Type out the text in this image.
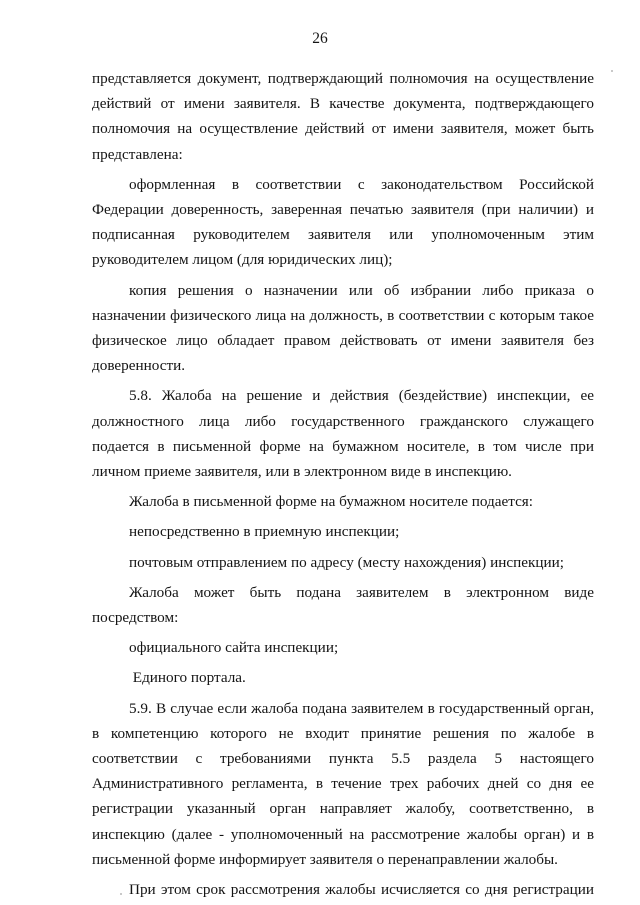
26

представляется документ, подтверждающий полномочия на осуществление действий от имени заявителя. В качестве документа, подтверждающего полномочия на осуществление действий от имени заявителя, может быть представлена:

оформленная в соответствии с законодательством Российской Федерации доверенность, заверенная печатью заявителя (при наличии) и подписанная руководителем заявителя или уполномоченным этим руководителем лицом (для юридических лиц);

копия решения о назначении или об избрании либо приказа о назначении физического лица на должность, в соответствии с которым такое физическое лицо обладает правом действовать от имени заявителя без доверенности.

5.8. Жалоба на решение и действия (бездействие) инспекции, ее должностного лица либо государственного гражданского служащего подается в письменной форме на бумажном носителе, в том числе при личном приеме заявителя, или в электронном виде в инспекцию.

Жалоба в письменной форме на бумажном носителе подается:

непосредственно в приемную инспекции;

почтовым отправлением по адресу (месту нахождения) инспекции;

Жалоба может быть подана заявителем в электронном виде посредством:

официального сайта инспекции;

Единого портала.

5.9. В случае если жалоба подана заявителем в государственный орган, в компетенцию которого не входит принятие решения по жалобе в соответствии с требованиями пункта 5.5 раздела 5 настоящего Административного регламента, в течение трех рабочих дней со дня ее регистрации указанный орган направляет жалобу, соответственно, в инспекцию (далее - уполномоченный на рассмотрение жалобы орган) и в письменной форме информирует заявителя о перенаправлении жалобы.

При этом срок рассмотрения жалобы исчисляется со дня регистрации
